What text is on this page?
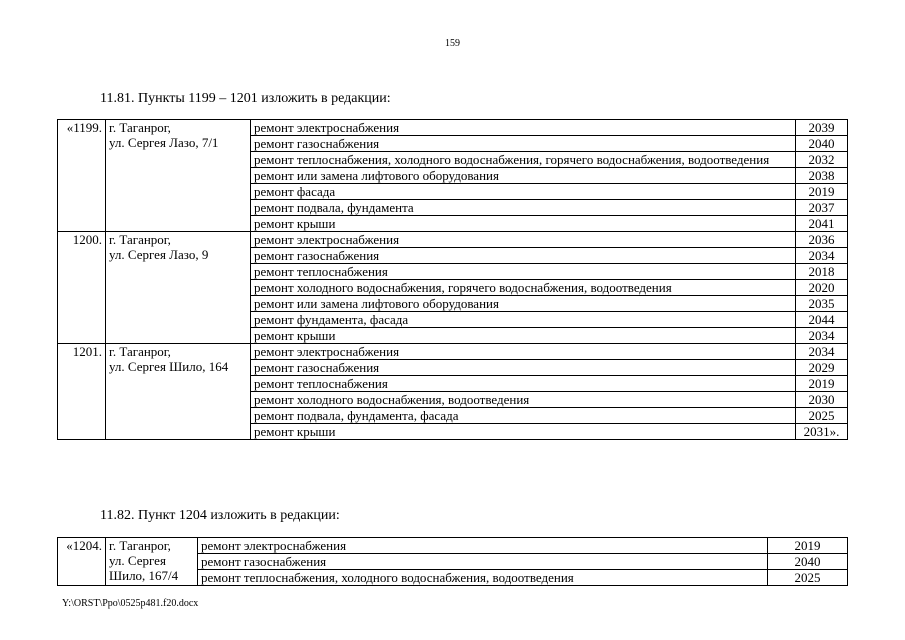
159
11.81. Пункты 1199 – 1201 изложить в редакции:
«1199.	г. Таганрог,
ул. Сергея Лазо, 7/1	ремонт электроснабжения	2039
		ремонт газоснабжения	2040
		ремонт теплоснабжения, холодного водоснабжения, горячего водоснабжения, водоотведения	2032
		ремонт или замена лифтового оборудования	2038
		ремонт фасада	2019
		ремонт подвала, фундамента	2037
		ремонт крыши	2041
1200.	г. Таганрог,
ул. Сергея Лазо, 9	ремонт электроснабжения	2036
		ремонт газоснабжения	2034
		ремонт теплоснабжения	2018
		ремонт холодного водоснабжения, горячего водоснабжения, водоотведения	2020
		ремонт или замена лифтового оборудования	2035
		ремонт фундамента, фасада	2044
		ремонт крыши	2034
1201.	г. Таганрог,
ул. Сергея Шило, 164	ремонт электроснабжения	2034
		ремонт газоснабжения	2029
		ремонт теплоснабжения	2019
		ремонт холодного водоснабжения, водоотведения	2030
		ремонт подвала, фундамента, фасада	2025
		ремонт крыши	2031».
11.82. Пункт 1204 изложить в редакции:
«1204.	г. Таганрог,
ул. Сергея
Шило, 167/4	ремонт электроснабжения	2019
		ремонт газоснабжения	2040
		ремонт теплоснабжения, холодного водоснабжения, водоотведения	2025
Y:\ORST\Ppo\0525p481.f20.docx
